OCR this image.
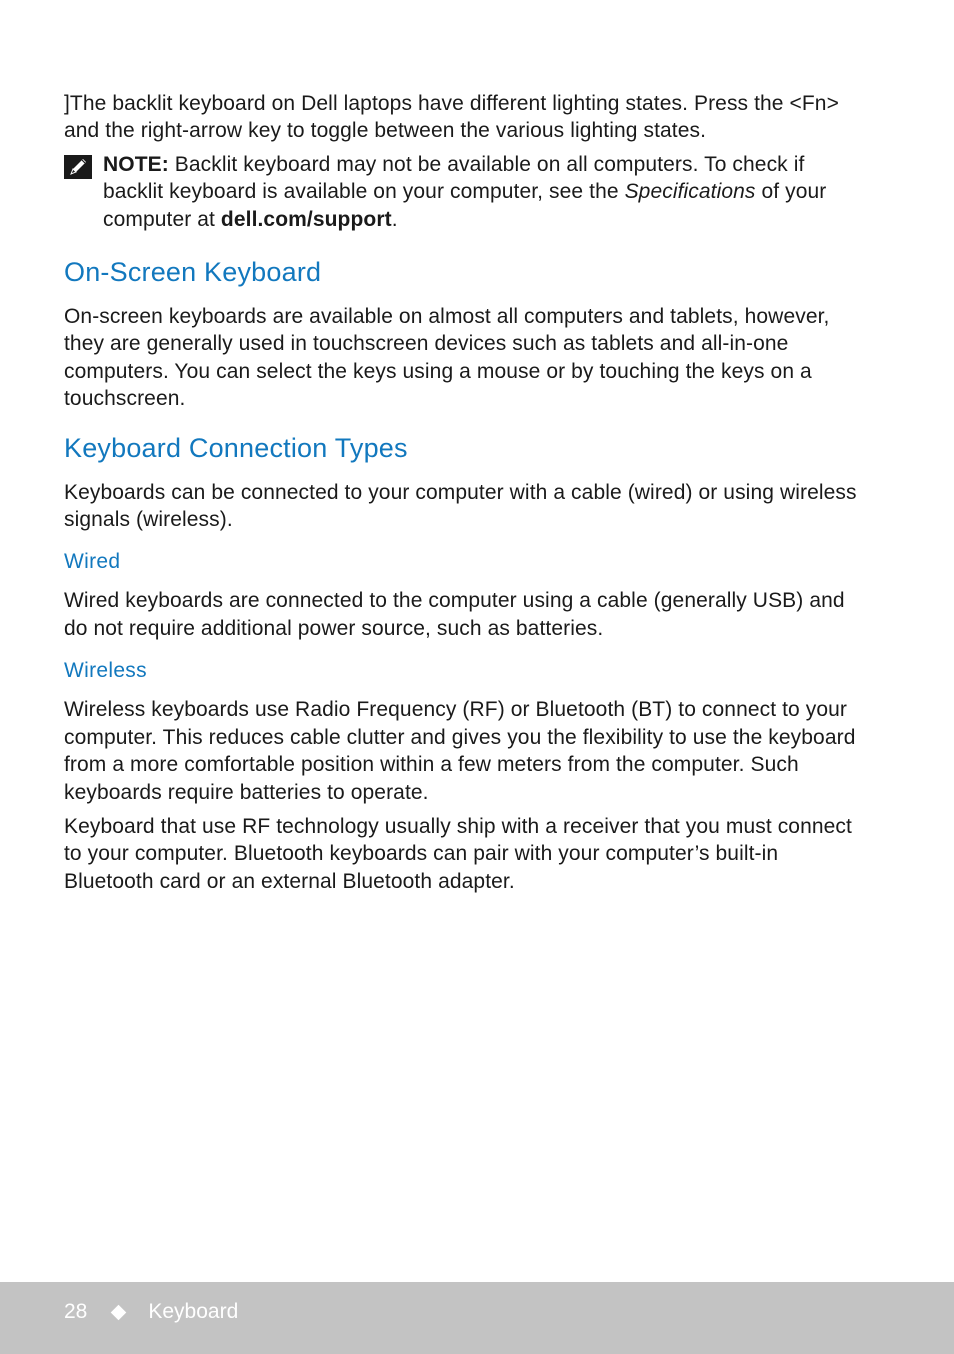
]The backlit keyboard on Dell laptops have different lighting states. Press the <Fn> and the right-arrow key to toggle between the various lighting states.

NOTE: Backlit keyboard may not be available on all computers. To check if backlit keyboard is available on your computer, see the Specifications of your computer at dell.com/support.

On-Screen Keyboard

On-screen keyboards are available on almost all computers and tablets, however, they are generally used in touchscreen devices such as tablets and all-in-one computers. You can select the keys using a mouse or by touching the keys on a touchscreen.

Keyboard Connection Types

Keyboards can be connected to your computer with a cable (wired) or using wireless signals (wireless).

Wired

Wired keyboards are connected to the computer using a cable (generally USB) and do not require additional power source, such as batteries.

Wireless

Wireless keyboards use Radio Frequency (RF) or Bluetooth (BT) to connect to your computer. This reduces cable clutter and gives you the flexibility to use the keyboard from a more comfortable position within a few meters from the computer. Such keyboards require batteries to operate.

Keyboard that use RF technology usually ship with a receiver that you must connect to your computer. Bluetooth keyboards can pair with your computer’s built-in Bluetooth card or an external Bluetooth adapter.

28	Keyboard
